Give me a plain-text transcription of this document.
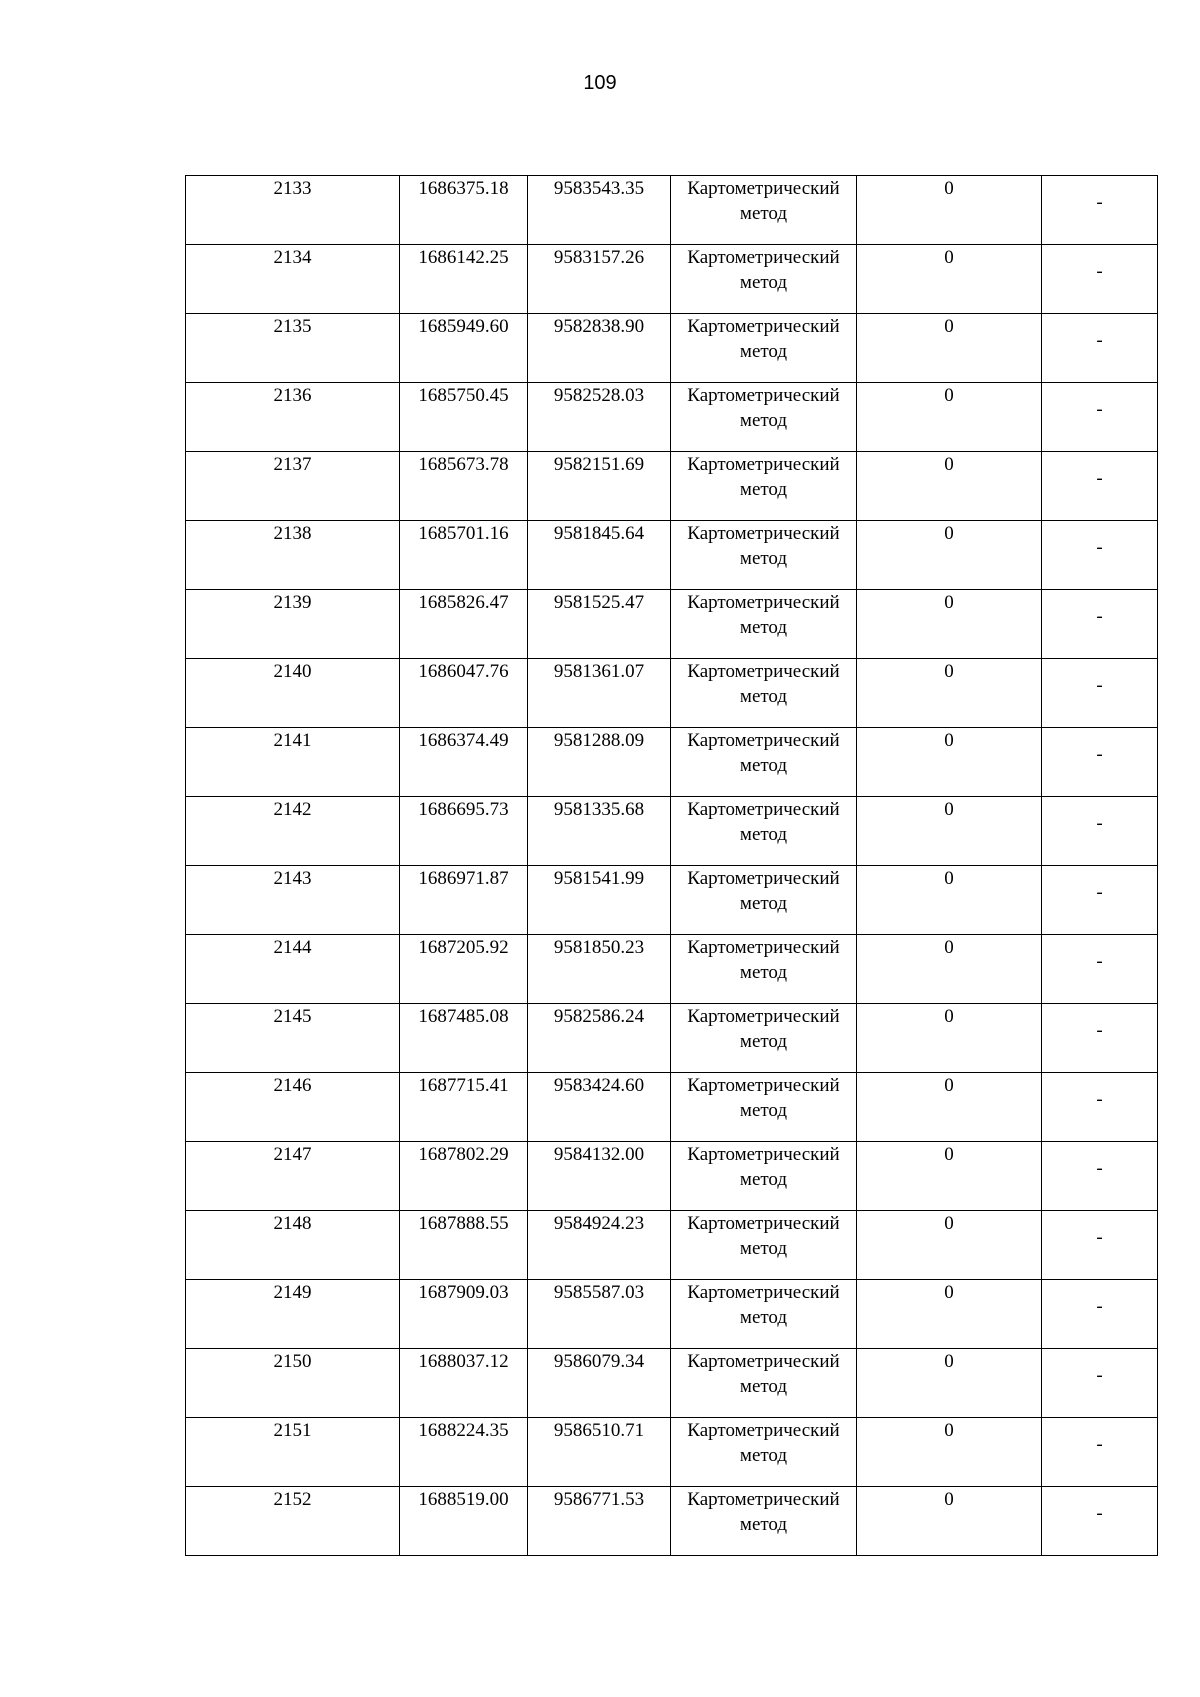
109
2133	1686375.18	9583543.35	Картометрический метод	0	-

2134	1686142.25	9583157.26	Картометрический метод	0	-

2135	1685949.60	9582838.90	Картометрический метод	0	-

2136	1685750.45	9582528.03	Картометрический метод	0	-

2137	1685673.78	9582151.69	Картометрический метод	0	-

2138	1685701.16	9581845.64	Картометрический метод	0	-

2139	1685826.47	9581525.47	Картометрический метод	0	-

2140	1686047.76	9581361.07	Картометрический метод	0	-

2141	1686374.49	9581288.09	Картометрический метод	0	-

2142	1686695.73	9581335.68	Картометрический метод	0	-

2143	1686971.87	9581541.99	Картометрический метод	0	-

2144	1687205.92	9581850.23	Картометрический метод	0	-

2145	1687485.08	9582586.24	Картометрический метод	0	-

2146	1687715.41	9583424.60	Картометрический метод	0	-

2147	1687802.29	9584132.00	Картометрический метод	0	-

2148	1687888.55	9584924.23	Картометрический метод	0	-

2149	1687909.03	9585587.03	Картометрический метод	0	-

2150	1688037.12	9586079.34	Картометрический метод	0	-

2151	1688224.35	9586510.71	Картометрический метод	0	-

2152	1688519.00	9586771.53	Картометрический метод	0	-
